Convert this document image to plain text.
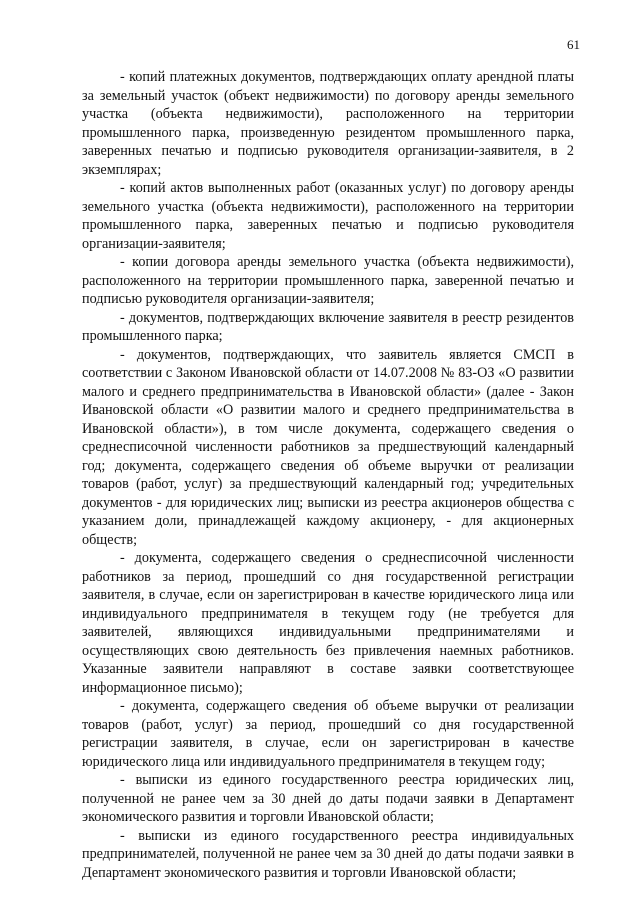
61

- копий платежных документов, подтверждающих оплату арендной платы за земельный участок (объект недвижимости) по договору аренды земельного участка (объекта недвижимости), расположенного на территории промышленного парка, произведенную резидентом промышленного парка, заверенных печатью и подписью руководителя организации-заявителя, в 2 экземплярах;

- копий актов выполненных работ (оказанных услуг) по договору аренды земельного участка (объекта недвижимости), расположенного на территории промышленного парка, заверенных печатью и подписью руководителя организации-заявителя;

- копии договора аренды земельного участка (объекта недвижимости), расположенного на территории промышленного парка, заверенной печатью и подписью руководителя организации-заявителя;

- документов, подтверждающих включение заявителя в реестр резидентов промышленного парка;

- документов, подтверждающих, что заявитель является СМСП в соответствии с Законом Ивановской области от 14.07.2008 № 83-ОЗ «О развитии малого и среднего предпринимательства в Ивановской области» (далее - Закон Ивановской области «О развитии малого и среднего предпринимательства в Ивановской области»), в том числе документа, содержащего сведения о среднесписочной численности работников за предшествующий календарный год; документа, содержащего сведения об объеме выручки от реализации товаров (работ, услуг) за предшествующий календарный год; учредительных документов - для юридических лиц; выписки из реестра акционеров общества с указанием доли, принадлежащей каждому акционеру, - для акционерных обществ;

- документа, содержащего сведения о среднесписочной численности работников за период, прошедший со дня государственной регистрации заявителя, в случае, если он зарегистрирован в качестве юридического лица или индивидуального предпринимателя в текущем году (не требуется для заявителей, являющихся индивидуальными предпринимателями и осуществляющих свою деятельность без привлечения наемных работников. Указанные заявители направляют в составе заявки соответствующее информационное письмо);

- документа, содержащего сведения об объеме выручки от реализации товаров (работ, услуг) за период, прошедший со дня государственной регистрации заявителя, в случае, если он зарегистрирован в качестве юридического лица или индивидуального предпринимателя в текущем году;

- выписки из единого государственного реестра юридических лиц, полученной не ранее чем за 30 дней до даты подачи заявки в Департамент экономического развития и торговли Ивановской области;

- выписки из единого государственного реестра индивидуальных предпринимателей, полученной не ранее чем за 30 дней до даты подачи заявки в Департамент экономического развития и торговли Ивановской области;
